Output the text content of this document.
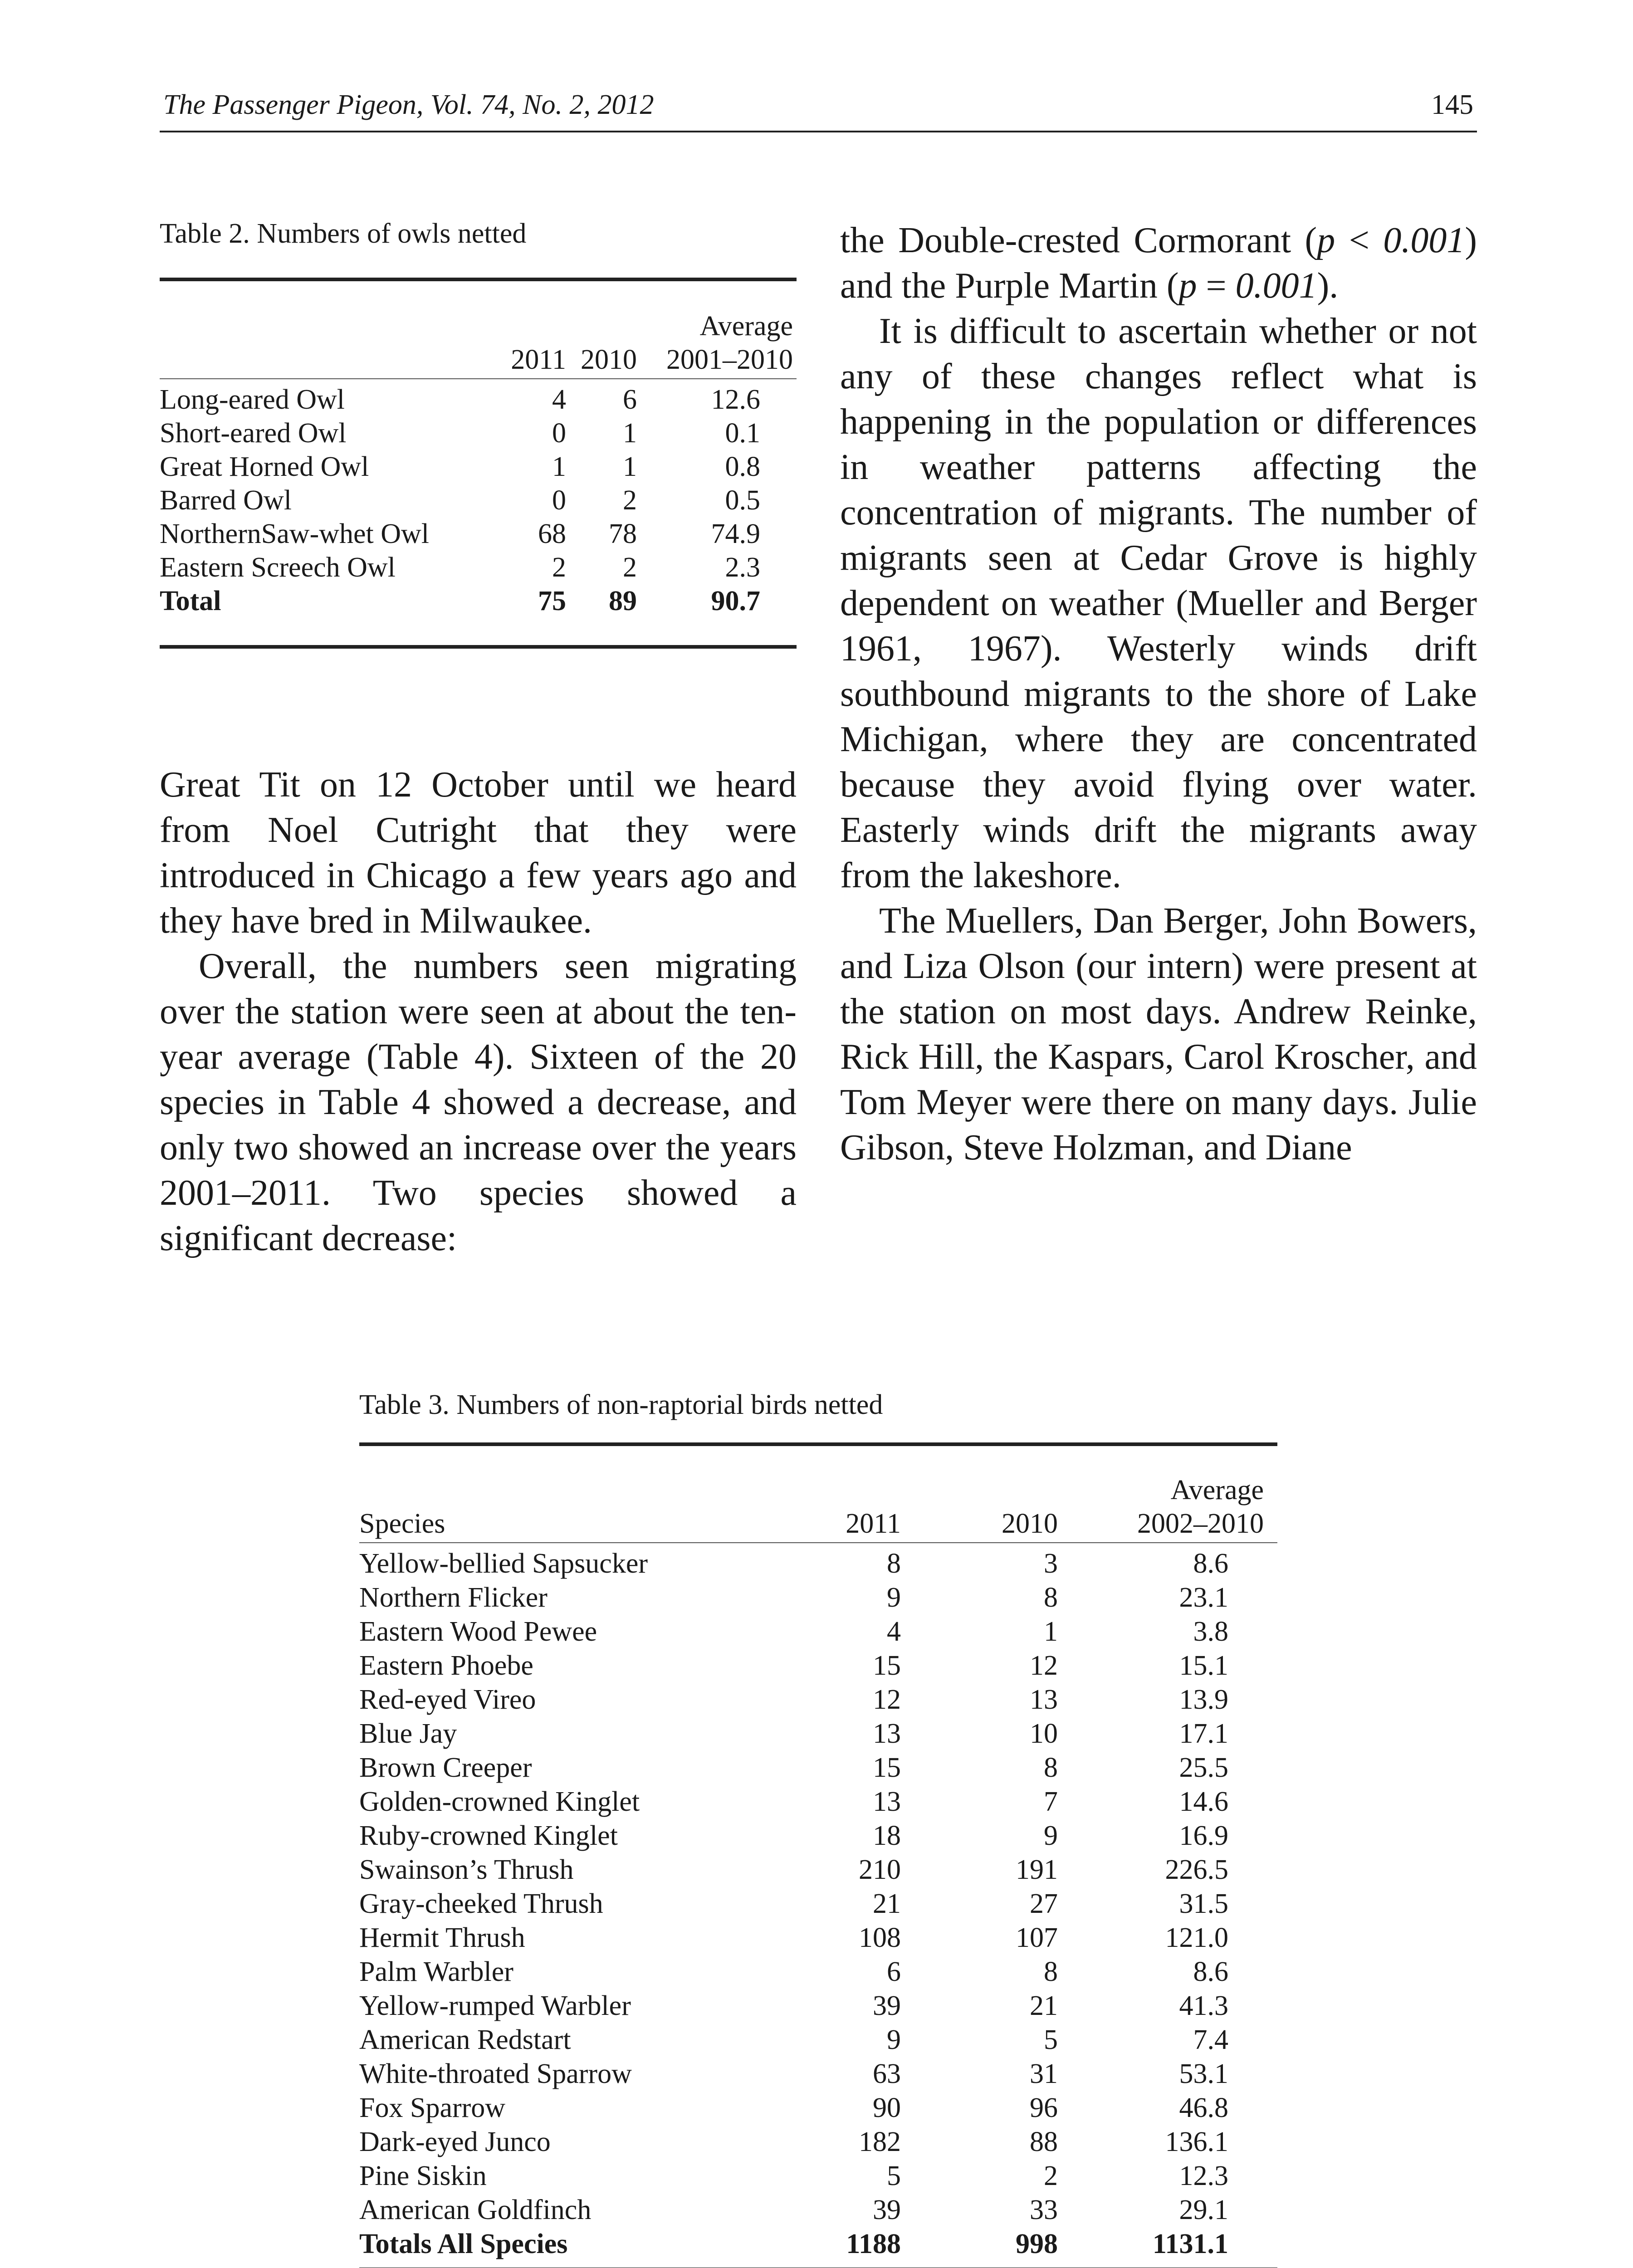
The Passenger Pigeon, Vol. 74, No. 2, 2012	145
Table 2. Numbers of owls netted

			Average
	2011	2010	2001–2010
Long-eared Owl	4	6	12.6
Short-eared Owl	0	1	0.1
Great Horned Owl	1	1	0.8
Barred Owl	0	2	0.5
NorthernSaw-whet Owl	68	78	74.9
Eastern Screech Owl	2	2	2.3
Total	75	89	90.7

Great Tit on 12 October until we heard from Noel Cutright that they were introduced in Chicago a few years ago and they have bred in Milwaukee.

Overall, the numbers seen migrating over the station were seen at about the ten-year average (Table 4). Sixteen of the 20 species in Table 4 showed a decrease, and only two showed an increase over the years 2001–2011. Two species showed a significant decrease:

the Double-crested Cormorant (p < 0.001) and the Purple Martin (p = 0.001).

It is difficult to ascertain whether or not any of these changes reflect what is happening in the population or differences in weather patterns affecting the concentration of migrants. The number of migrants seen at Cedar Grove is highly dependent on weather (Mueller and Berger 1961, 1967). Westerly winds drift southbound migrants to the shore of Lake Michigan, where they are concentrated because they avoid flying over water. Easterly winds drift the migrants away from the lakeshore.

The Muellers, Dan Berger, John Bowers, and Liza Olson (our intern) were present at the station on most days. Andrew Reinke, Rick Hill, the Kaspars, Carol Kroscher, and Tom Meyer were there on many days. Julie Gibson, Steve Holzman, and Diane

Table 3. Numbers of non-raptorial birds netted

			Average
Species	2011	2010	2002–2010
Yellow-bellied Sapsucker	8	3	8.6
Northern Flicker	9	8	23.1
Eastern Wood Pewee	4	1	3.8
Eastern Phoebe	15	12	15.1
Red-eyed Vireo	12	13	13.9
Blue Jay	13	10	17.1
Brown Creeper	15	8	25.5
Golden-crowned Kinglet	13	7	14.6
Ruby-crowned Kinglet	18	9	16.9
Swainson’s Thrush	210	191	226.5
Gray-cheeked Thrush	21	27	31.5
Hermit Thrush	108	107	121.0
Palm Warbler	6	8	8.6
Yellow-rumped Warbler	39	21	41.3
American Redstart	9	5	7.4
White-throated Sparrow	63	31	53.1
Fox Sparrow	90	96	46.8
Dark-eyed Junco	182	88	136.1
Pine Siskin	5	2	12.3
American Goldfinch	39	33	29.1
Totals All Species	1188	998	1131.1
